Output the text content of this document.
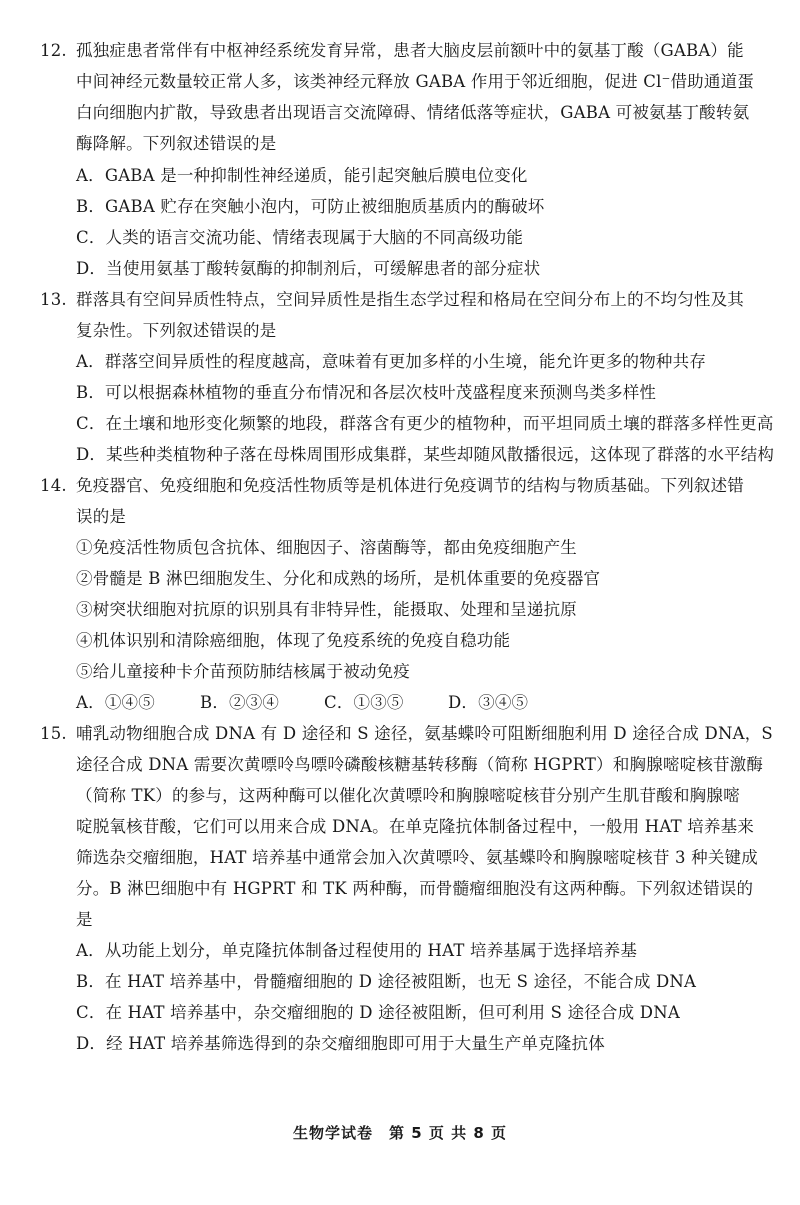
12. 孤独症患者常伴有中枢神经系统发育异常，患者大脑皮层前额叶中的氨基丁酸（GABA）能
中间神经元数量较正常人多，该类神经元释放 GABA 作用于邻近细胞，促进 Cl⁻借助通道蛋
白向细胞内扩散，导致患者出现语言交流障碍、情绪低落等症状，GABA 可被氨基丁酸转氨
酶降解。下列叙述错误的是
A．GABA 是一种抑制性神经递质，能引起突触后膜电位变化
B．GABA 贮存在突触小泡内，可防止被细胞质基质内的酶破坏
C．人类的语言交流功能、情绪表现属于大脑的不同高级功能
D．当使用氨基丁酸转氨酶的抑制剂后，可缓解患者的部分症状
13. 群落具有空间异质性特点，空间异质性是指生态学过程和格局在空间分布上的不均匀性及其
复杂性。下列叙述错误的是
A．群落空间异质性的程度越高，意味着有更加多样的小生境，能允许更多的物种共存
B．可以根据森林植物的垂直分布情况和各层次枝叶茂盛程度来预测鸟类多样性
C．在土壤和地形变化频繁的地段，群落含有更少的植物种，而平坦同质土壤的群落多样性更高
D．某些种类植物种子落在母株周围形成集群，某些却随风散播很远，这体现了群落的水平结构
14. 免疫器官、免疫细胞和免疫活性物质等是机体进行免疫调节的结构与物质基础。下列叙述错
误的是
①免疫活性物质包含抗体、细胞因子、溶菌酶等，都由免疫细胞产生
②骨髓是 B 淋巴细胞发生、分化和成熟的场所，是机体重要的免疫器官
③树突状细胞对抗原的识别具有非特异性，能摄取、处理和呈递抗原
④机体识别和清除癌细胞，体现了免疫系统的免疫自稳功能
⑤给儿童接种卡介苗预防肺结核属于被动免疫
A．①④⑤	B．②③④	C．①③⑤	D．③④⑤
15. 哺乳动物细胞合成 DNA 有 D 途径和 S 途径，氨基蝶呤可阻断细胞利用 D 途径合成 DNA，S
途径合成 DNA 需要次黄嘌呤鸟嘌呤磷酸核糖基转移酶（简称 HGPRT）和胸腺嘧啶核苷激酶
（简称 TK）的参与，这两种酶可以催化次黄嘌呤和胸腺嘧啶核苷分别产生肌苷酸和胸腺嘧
啶脱氧核苷酸，它们可以用来合成 DNA。在单克隆抗体制备过程中，一般用 HAT 培养基来
筛选杂交瘤细胞，HAT 培养基中通常会加入次黄嘌呤、氨基蝶呤和胸腺嘧啶核苷 3 种关键成
分。B 淋巴细胞中有 HGPRT 和 TK 两种酶，而骨髓瘤细胞没有这两种酶。下列叙述错误的
是
A．从功能上划分，单克隆抗体制备过程使用的 HAT 培养基属于选择培养基
B．在 HAT 培养基中，骨髓瘤细胞的 D 途径被阻断，也无 S 途径，不能合成 DNA
C．在 HAT 培养基中，杂交瘤细胞的 D 途径被阻断，但可利用 S 途径合成 DNA
D．经 HAT 培养基筛选得到的杂交瘤细胞即可用于大量生产单克隆抗体
生物学试卷　第 5 页 共 8 页
